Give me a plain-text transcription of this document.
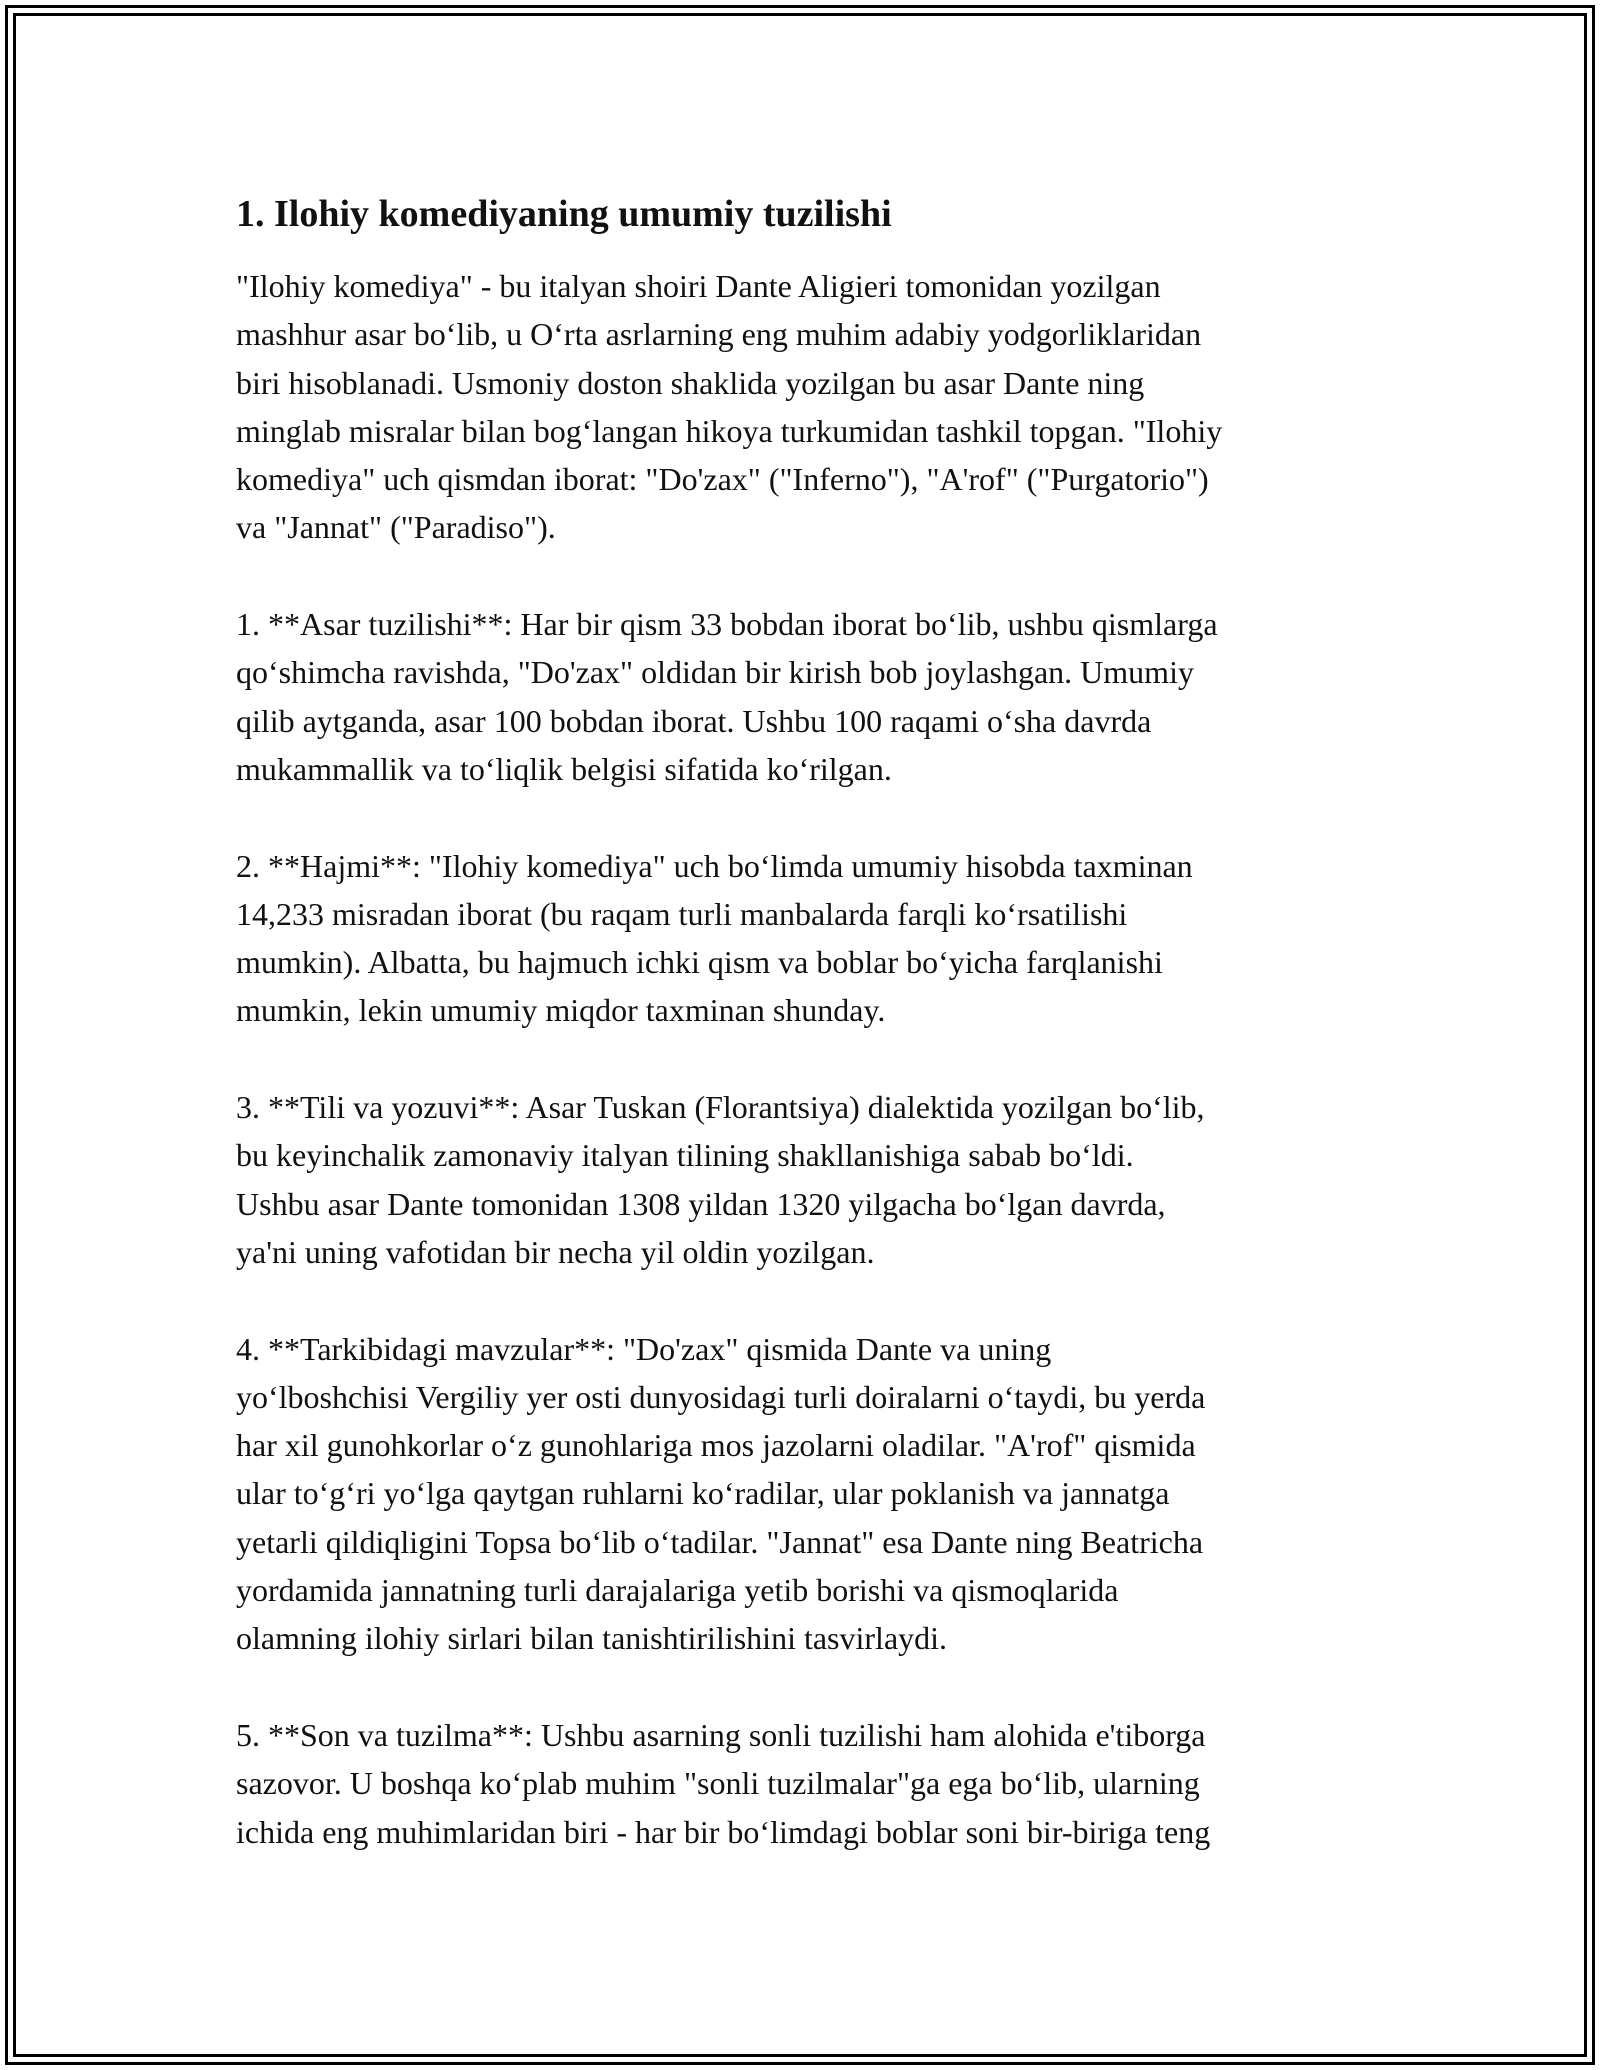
1. Ilohiy komediyaning umumiy tuzilishi
"Ilohiy komediya" - bu italyan shoiri Dante Aligieri tomonidan yozilgan
mashhur asar bo‘lib, u O‘rta asrlarning eng muhim adabiy yodgorliklaridan
biri hisoblanadi. Usmoniy doston shaklida yozilgan bu asar Dante ning
minglab misralar bilan bog‘langan hikoya turkumidan tashkil topgan. "Ilohiy
komediya" uch qismdan iborat: "Do'zax" ("Inferno"), "A'rof" ("Purgatorio")
va "Jannat" ("Paradiso").
1. **Asar tuzilishi**: Har bir qism 33 bobdan iborat bo‘lib, ushbu qismlarga
qo‘shimcha ravishda, "Do'zax" oldidan bir kirish bob joylashgan. Umumiy
qilib aytganda, asar 100 bobdan iborat. Ushbu 100 raqami o‘sha davrda
mukammallik va to‘liqlik belgisi sifatida ko‘rilgan.
2. **Hajmi**: "Ilohiy komediya" uch bo‘limda umumiy hisobda taxminan
14,233 misradan iborat (bu raqam turli manbalarda farqli ko‘rsatilishi
mumkin). Albatta, bu hajmuch ichki qism va boblar bo‘yicha farqlanishi
mumkin, lekin umumiy miqdor taxminan shunday.
3. **Tili va yozuvi**: Asar Tuskan (Florantsiya) dialektida yozilgan bo‘lib,
bu keyinchalik zamonaviy italyan tilining shakllanishiga sabab bo‘ldi.
Ushbu asar Dante tomonidan 1308 yildan 1320 yilgacha bo‘lgan davrda,
ya'ni uning vafotidan bir necha yil oldin yozilgan.
4. **Tarkibidagi mavzular**: "Do'zax" qismida Dante va uning
yo‘lboshchisi Vergiliy yer osti dunyosidagi turli doiralarni o‘taydi, bu yerda
har xil gunohkorlar o‘z gunohlariga mos jazolarni oladilar. "A'rof" qismida
ular to‘g‘ri yo‘lga qaytgan ruhlarni ko‘radilar, ular poklanish va jannatga
yetarli qildiqligini Topsa bo‘lib o‘tadilar. "Jannat" esa Dante ning Beatricha
yordamida jannatning turli darajalariga yetib borishi va qismoqlarida
olamning ilohiy sirlari bilan tanishtirilishini tasvirlaydi.
5. **Son va tuzilma**: Ushbu asarning sonli tuzilishi ham alohida e'tiborga
sazovor. U boshqa ko‘plab muhim "sonli tuzilmalar"ga ega bo‘lib, ularning
ichida eng muhimlaridan biri - har bir bo‘limdagi boblar soni bir-biriga teng
